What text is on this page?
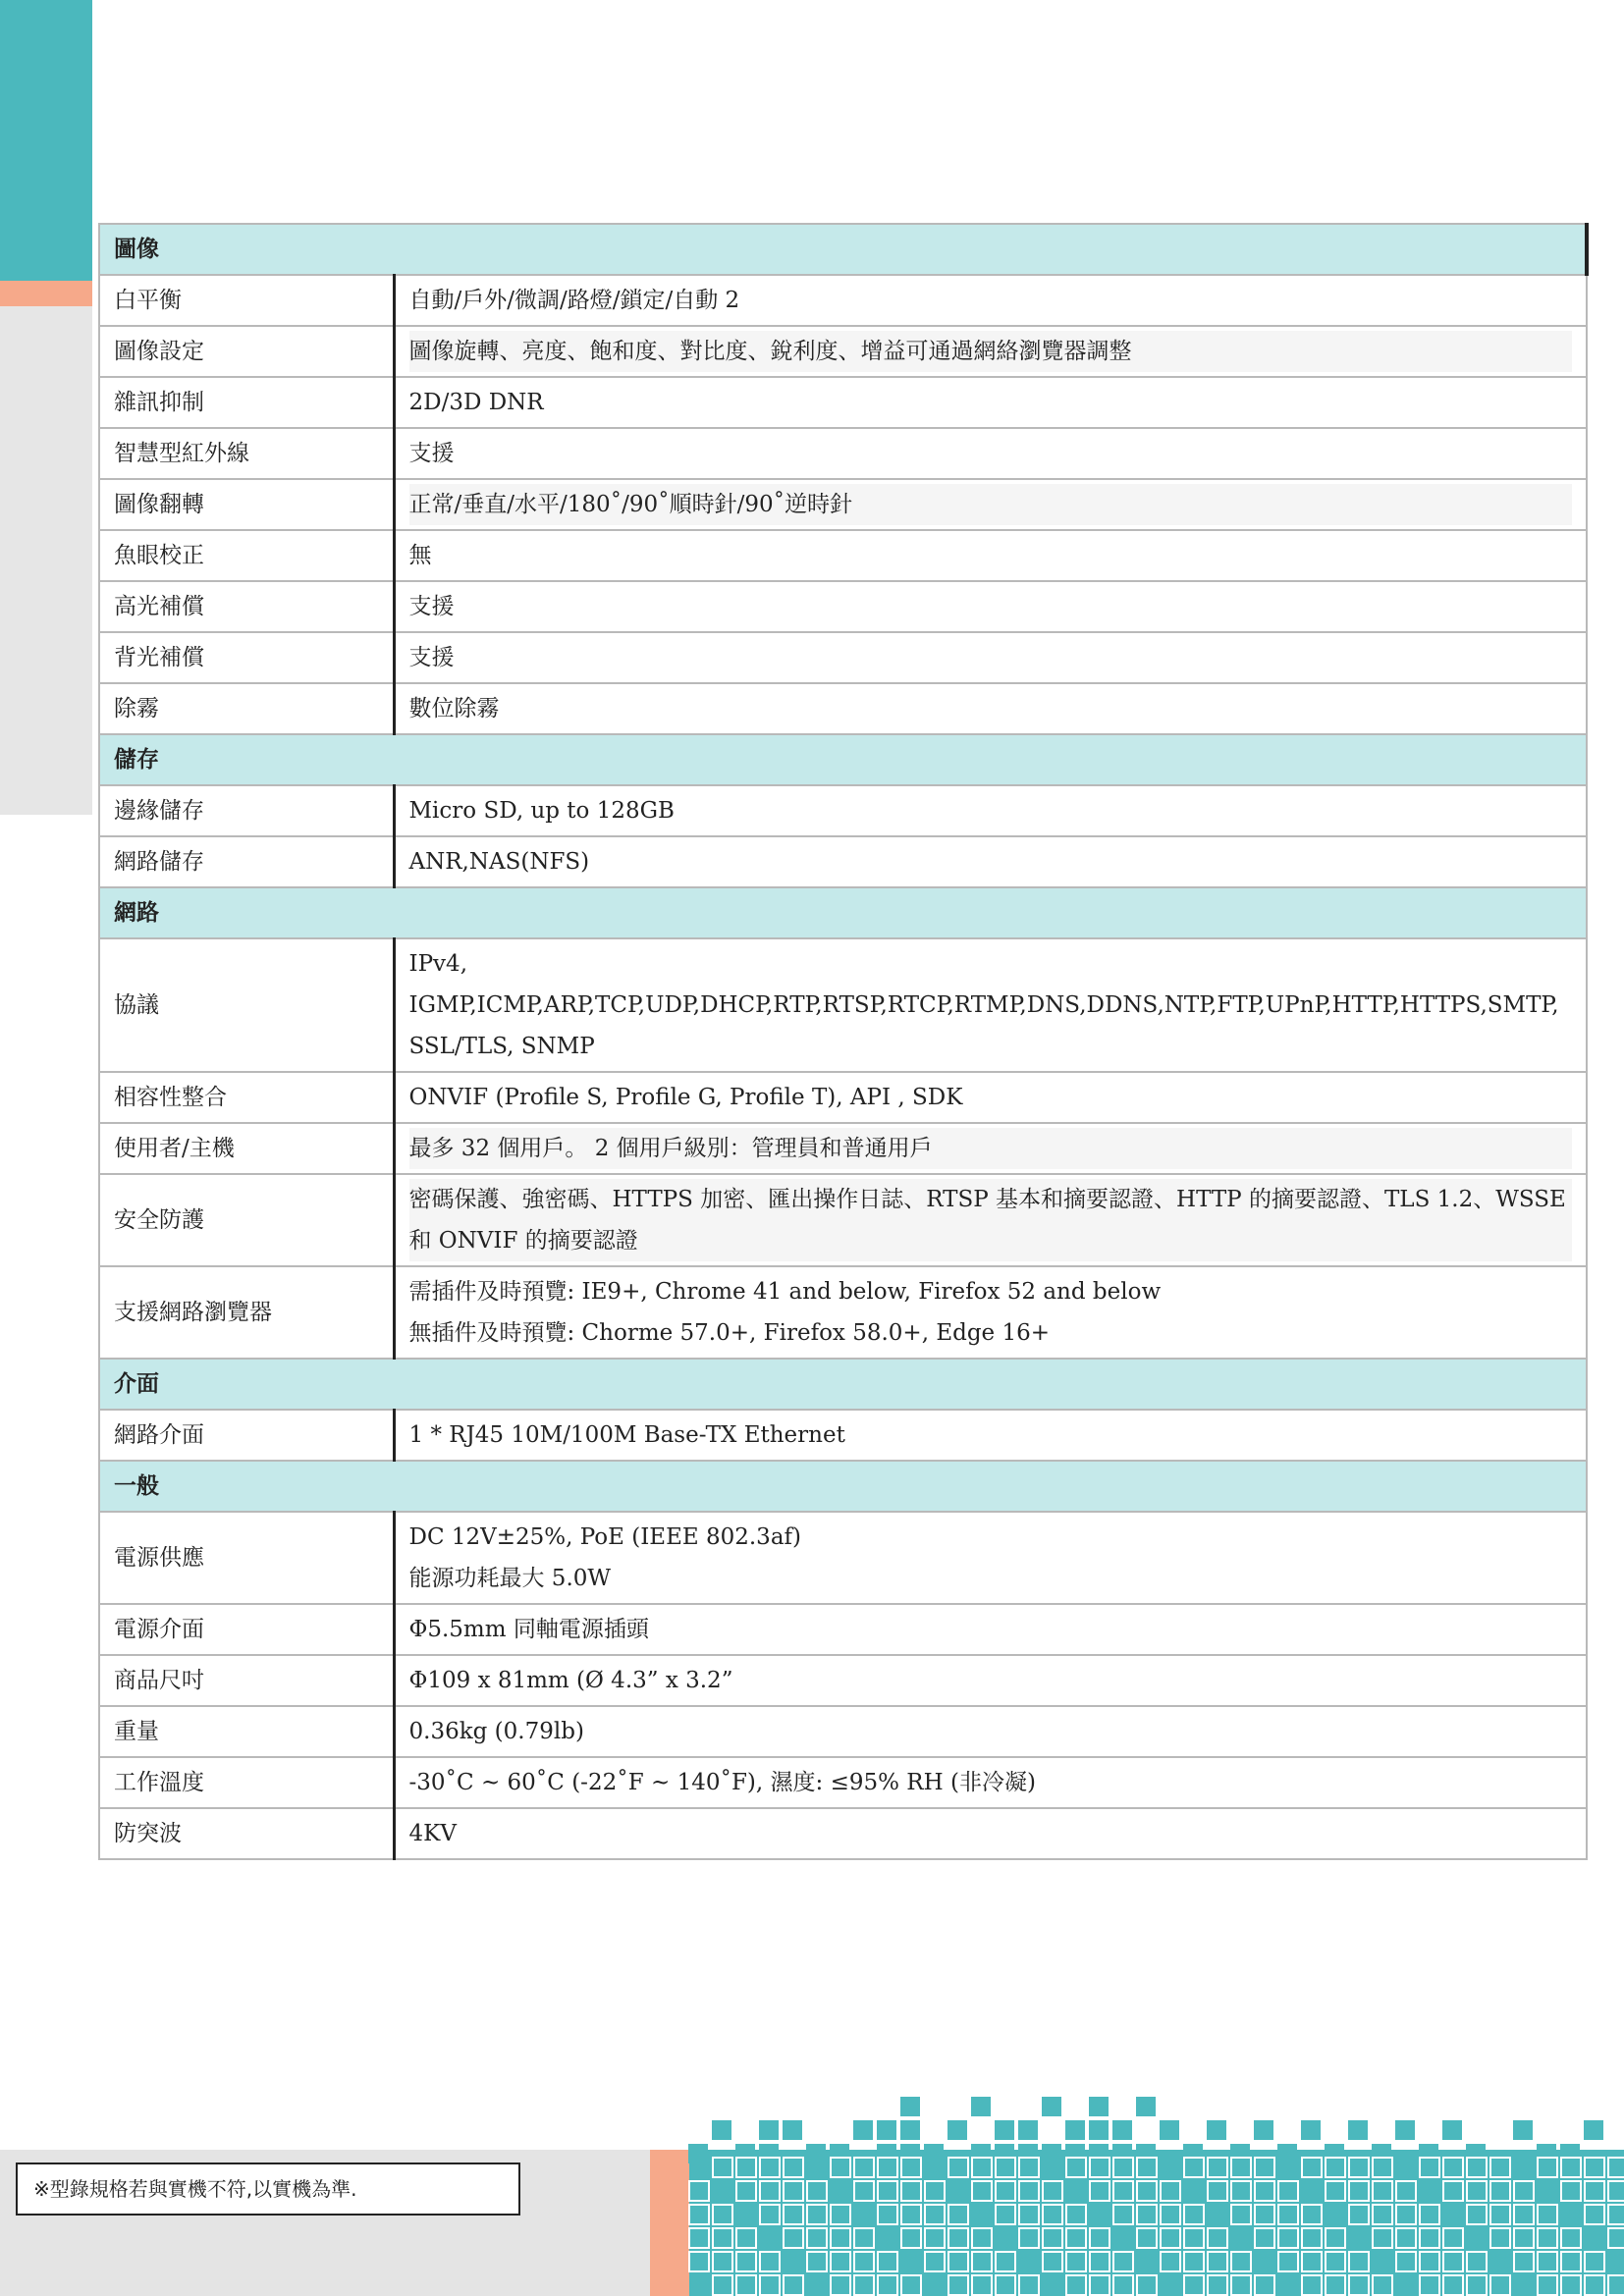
圖像	
白平衡	自動/戶外/微調/路燈/鎖定/自動 2

圖像設定	圖像旋轉、亮度、飽和度、對比度、銳利度、增益可通過網絡瀏覽器調整

雜訊抑制	2D/3D DNR

智慧型紅外線	支援

圖像翻轉	正常/垂直/水平/180˚/90˚順時針/90˚逆時針

魚眼校正	無

高光補償	支援

背光補償	支援

除霧	數位除霧

儲存	
邊緣儲存	Micro SD, up to 128GB

網路儲存	ANR,NAS(NFS)

網路	
協議	IPv4, IGMP,ICMP,ARP,TCP,UDP,DHCP,RTP,RTSP,RTCP,RTMP,DNS,DDNS,NTP,FTP,UPnP,HTTP,HTTPS,SMTP,
SSL/TLS, SNMP

相容性整合	ONVIF (Profile S, Profile G, Profile T), API , SDK

使用者/主機	最多 32 個用戶。 2 個用戶級別：管理員和普通用戶

安全防護	密碼保護、強密碼、HTTPS 加密、匯出操作日誌、RTSP 基本和摘要認證、HTTP 的摘要認證、TLS 1.2、WSSE
和 ONVIF 的摘要認證

支援網路瀏覽器	需插件及時預覽: IE9+, Chrome 41 and below, Firefox 52 and below
無插件及時預覽: Chorme 57.0+, Firefox 58.0+, Edge 16+

介面	
網路介面	1 * RJ45 10M/100M Base-TX Ethernet

一般	
電源供應	DC 12V±25%, PoE (IEEE 802.3af)
能源功耗最大 5.0W

電源介面	Φ5.5mm 同軸電源插頭

商品尺吋	Φ109 x 81mm (Ø 4.3” x 3.2”

重量	0.36kg (0.79lb)

工作溫度	-30˚C ~ 60˚C (-22˚F ~ 140˚F), 濕度: ≤95% RH (非冷凝)

防突波	4KV
※型錄規格若與實機不符,以實機為準.
